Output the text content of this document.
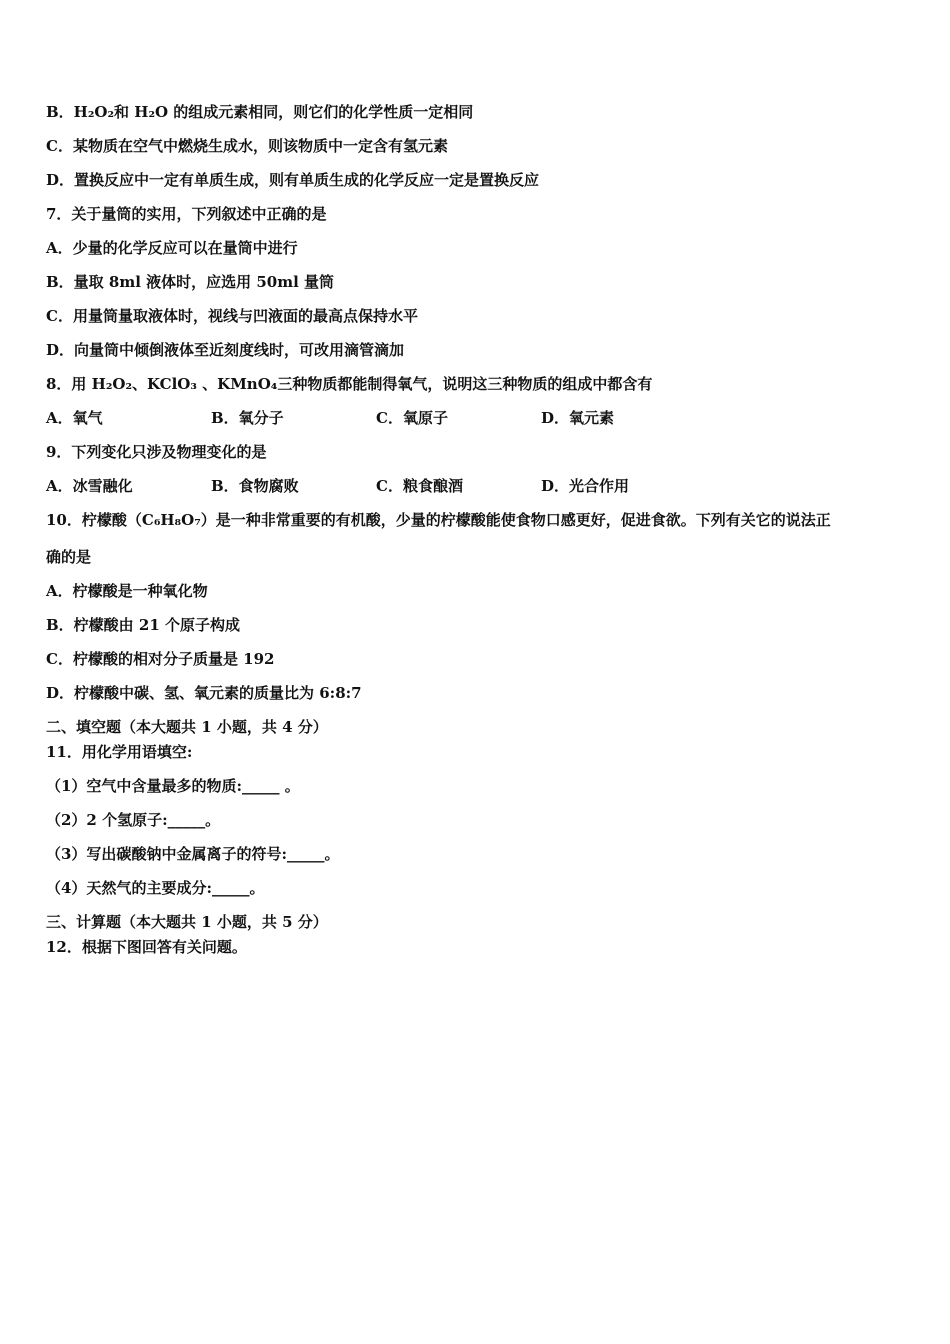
B．H₂O₂和 H₂O 的组成元素相同，则它们的化学性质一定相同
C．某物质在空气中燃烧生成水，则该物质中一定含有氢元素
D．置换反应中一定有单质生成，则有单质生成的化学反应一定是置换反应
7．关于量筒的实用，下列叙述中正确的是
A．少量的化学反应可以在量筒中进行
B．量取 8ml 液体时，应选用 50ml 量筒
C．用量筒量取液体时，视线与凹液面的最高点保持水平
D．向量筒中倾倒液体至近刻度线时，可改用滴管滴加
8．用 H₂O₂、KClO₃ 、KMnO₄三种物质都能制得氧气，说明这三种物质的组成中都含有
A．氧气	B．氧分子	C．氧原子	D．氧元素
9．下列变化只涉及物理变化的是
A．冰雪融化	B．食物腐败	C．粮食酿酒	D．光合作用
10．柠檬酸（C₆H₈O₇）是一种非常重要的有机酸，少量的柠檬酸能使食物口感更好，促进食欲。下列有关它的说法正
确的是
A．柠檬酸是一种氧化物
B．柠檬酸由 21 个原子构成
C．柠檬酸的相对分子质量是 192
D．柠檬酸中碳、氢、氧元素的质量比为 6:8:7
二、填空题（本大题共 1 小题，共 4 分）
11．用化学用语填空:
（1）空气中含量最多的物质:_____ 。
（2）2 个氢原子:_____。
（3）写出碳酸钠中金属离子的符号:_____。
（4）天然气的主要成分:_____。
三、计算题（本大题共 1 小题，共 5 分）
12．根据下图回答有关问题。
